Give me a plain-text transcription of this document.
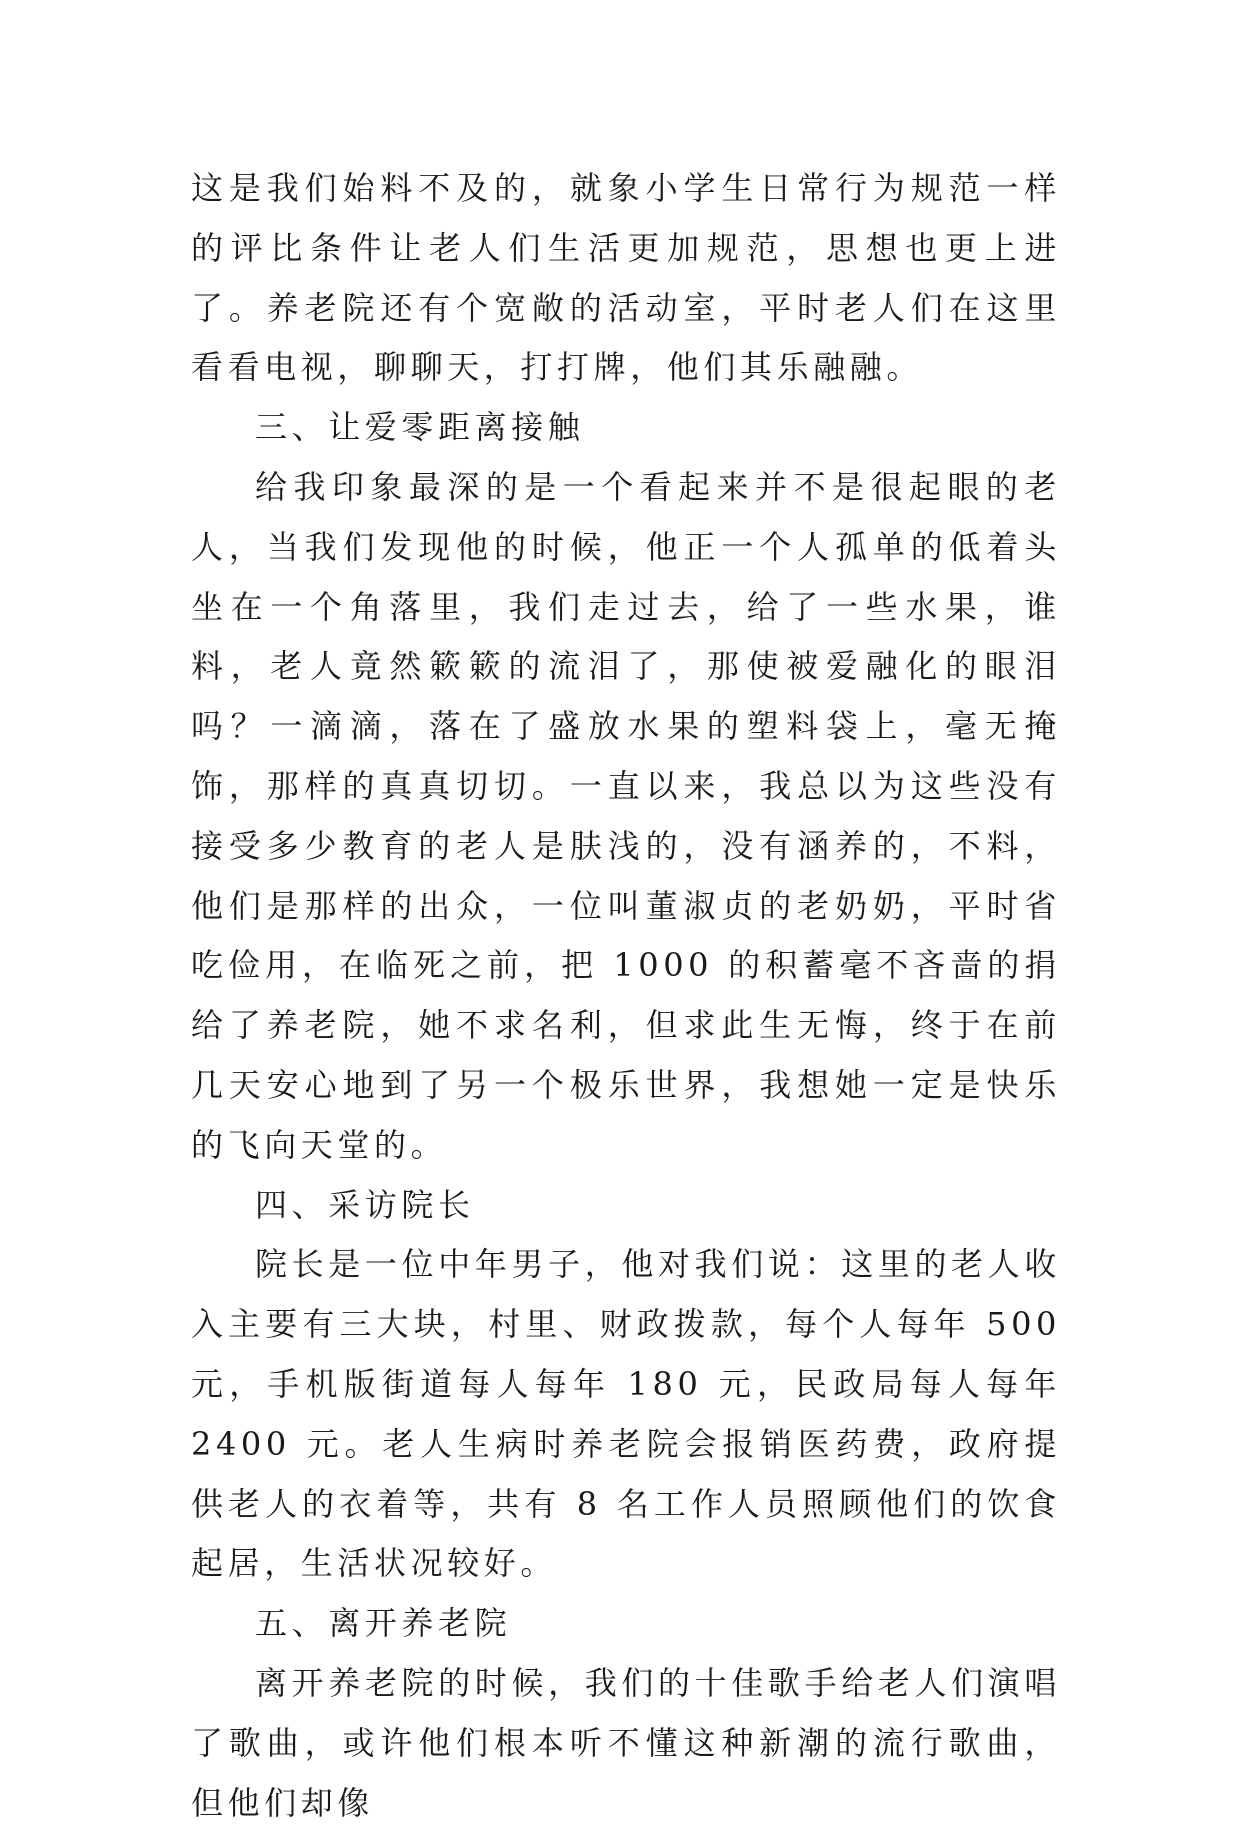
这是我们始料不及的，就象小学生日常行为规范一样的评比条件让老人们生活更加规范，思想也更上进了。养老院还有个宽敞的活动室，平时老人们在这里看看电视，聊聊天，打打牌，他们其乐融融。

三、让爱零距离接触

给我印象最深的是一个看起来并不是很起眼的老人，当我们发现他的时候，他正一个人孤单的低着头坐在一个角落里，我们走过去，给了一些水果，谁料，老人竟然簌簌的流泪了，那使被爱融化的眼泪吗？一滴滴，落在了盛放水果的塑料袋上，毫无掩饰，那样的真真切切。一直以来，我总以为这些没有接受多少教育的老人是肤浅的，没有涵养的，不料，他们是那样的出众，一位叫董淑贞的老奶奶，平时省吃俭用，在临死之前，把 1000 的积蓄毫不吝啬的捐给了养老院，她不求名利，但求此生无悔，终于在前几天安心地到了另一个极乐世界，我想她一定是快乐的飞向天堂的。

四、采访院长

院长是一位中年男子，他对我们说：这里的老人收入主要有三大块，村里、财政拨款，每个人每年 500 元，手机版街道每人每年 180 元，民政局每人每年 2400 元。老人生病时养老院会报销医药费，政府提供老人的衣着等，共有 8 名工作人员照顾他们的饮食起居，生活状况较好。

五、离开养老院

离开养老院的时候，我们的十佳歌手给老人们演唱了歌曲，或许他们根本听不懂这种新潮的流行歌曲，但他们却像
